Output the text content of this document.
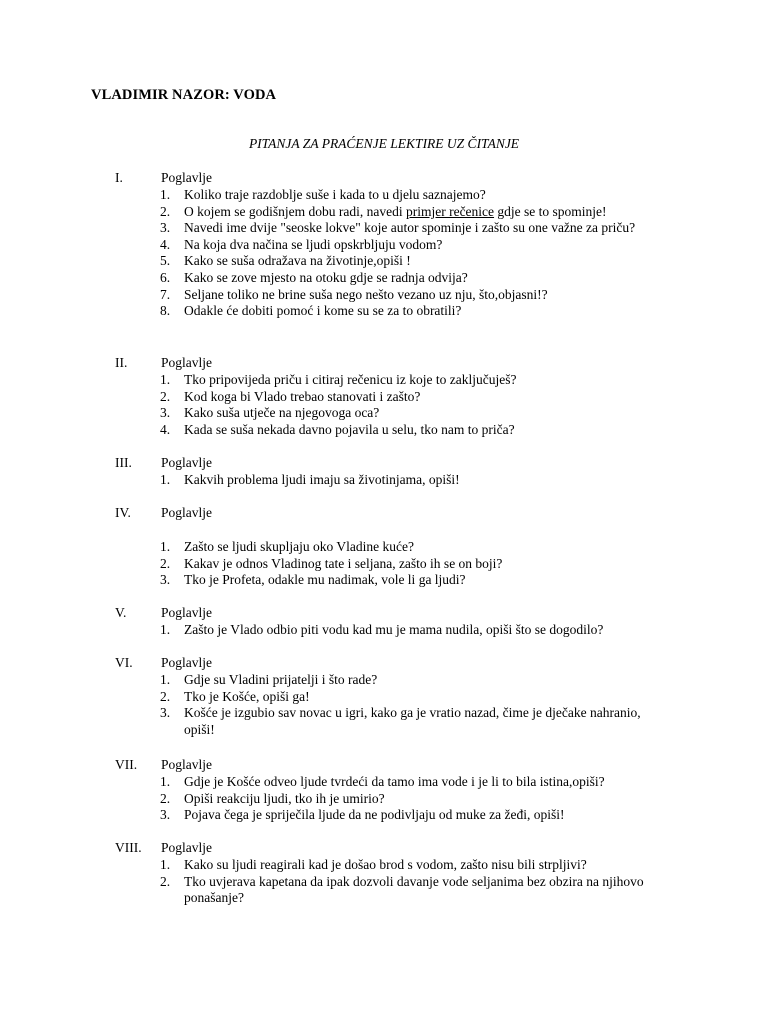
VLADIMIR NAZOR: VODA
PITANJA ZA PRAĆENJE LEKTIRE UZ ČITANJE
I.	Poglavlje
1.	Koliko traje razdoblje suše i kada to u djelu saznajemo?
2.	O kojem se godišnjem dobu radi, navedi primjer rečenice gdje se to spominje!
3.	Navedi ime dvije "seoske lokve" koje autor spominje i zašto su one važne za priču?
4.	Na koja dva načina se ljudi opskrbljuju vodom?
5.	Kako se suša odražava na životinje,opiši !
6.	Kako se zove mjesto na otoku gdje se radnja odvija?
7.	Seljane toliko ne brine suša nego nešto vezano uz nju, što,objasni!?
8.	Odakle će dobiti pomoć i kome su se za to obratili?
II. Poglavlje
1.	Tko pripovijeda priču i citiraj rečenicu iz koje to zaključuješ?
2.	Kod koga bi Vlado trebao stanovati i zašto?
3.	Kako suša utječe na njegovoga oca?
4.	Kada se suša nekada davno pojavila u selu, tko nam to priča?
III. Poglavlje
1.	Kakvih problema ljudi imaju sa životinjama, opiši!
IV. Poglavlje
1.	Zašto se ljudi skupljaju oko Vladine kuće?
2.	Kakav je odnos Vladinog tate i seljana, zašto ih se on boji?
3.	Tko je Profeta, odakle mu nadimak, vole li ga ljudi?
V.	Poglavlje
1.	Zašto je Vlado odbio piti vodu kad mu je mama nudila, opiši što se dogodilo?
VI. Poglavlje
1.	Gdje su Vladini prijatelji i što rade?
2.	Tko je Košće, opiši ga!
3.	Košće je izgubio sav novac u igri, kako ga je vratio nazad, čime je dječake nahranio, opiši!
VII. Poglavlje
1.	Gdje je Košće odveo ljude tvrdeći da tamo ima vode i je li to bila istina,opiši?
2.	Opiši reakciju ljudi, tko ih je umirio?
3.	Pojava čega je spriječila ljude da ne podivljaju od muke za žeđi, opiši!
VIII. Poglavlje
1.	Kako su ljudi reagirali kad je došao brod s vodom, zašto nisu bili strpljivi?
2.	Tko uvjerava kapetana da ipak dozvoli davanje vode seljanima bez obzira na njihovo ponašanje?
